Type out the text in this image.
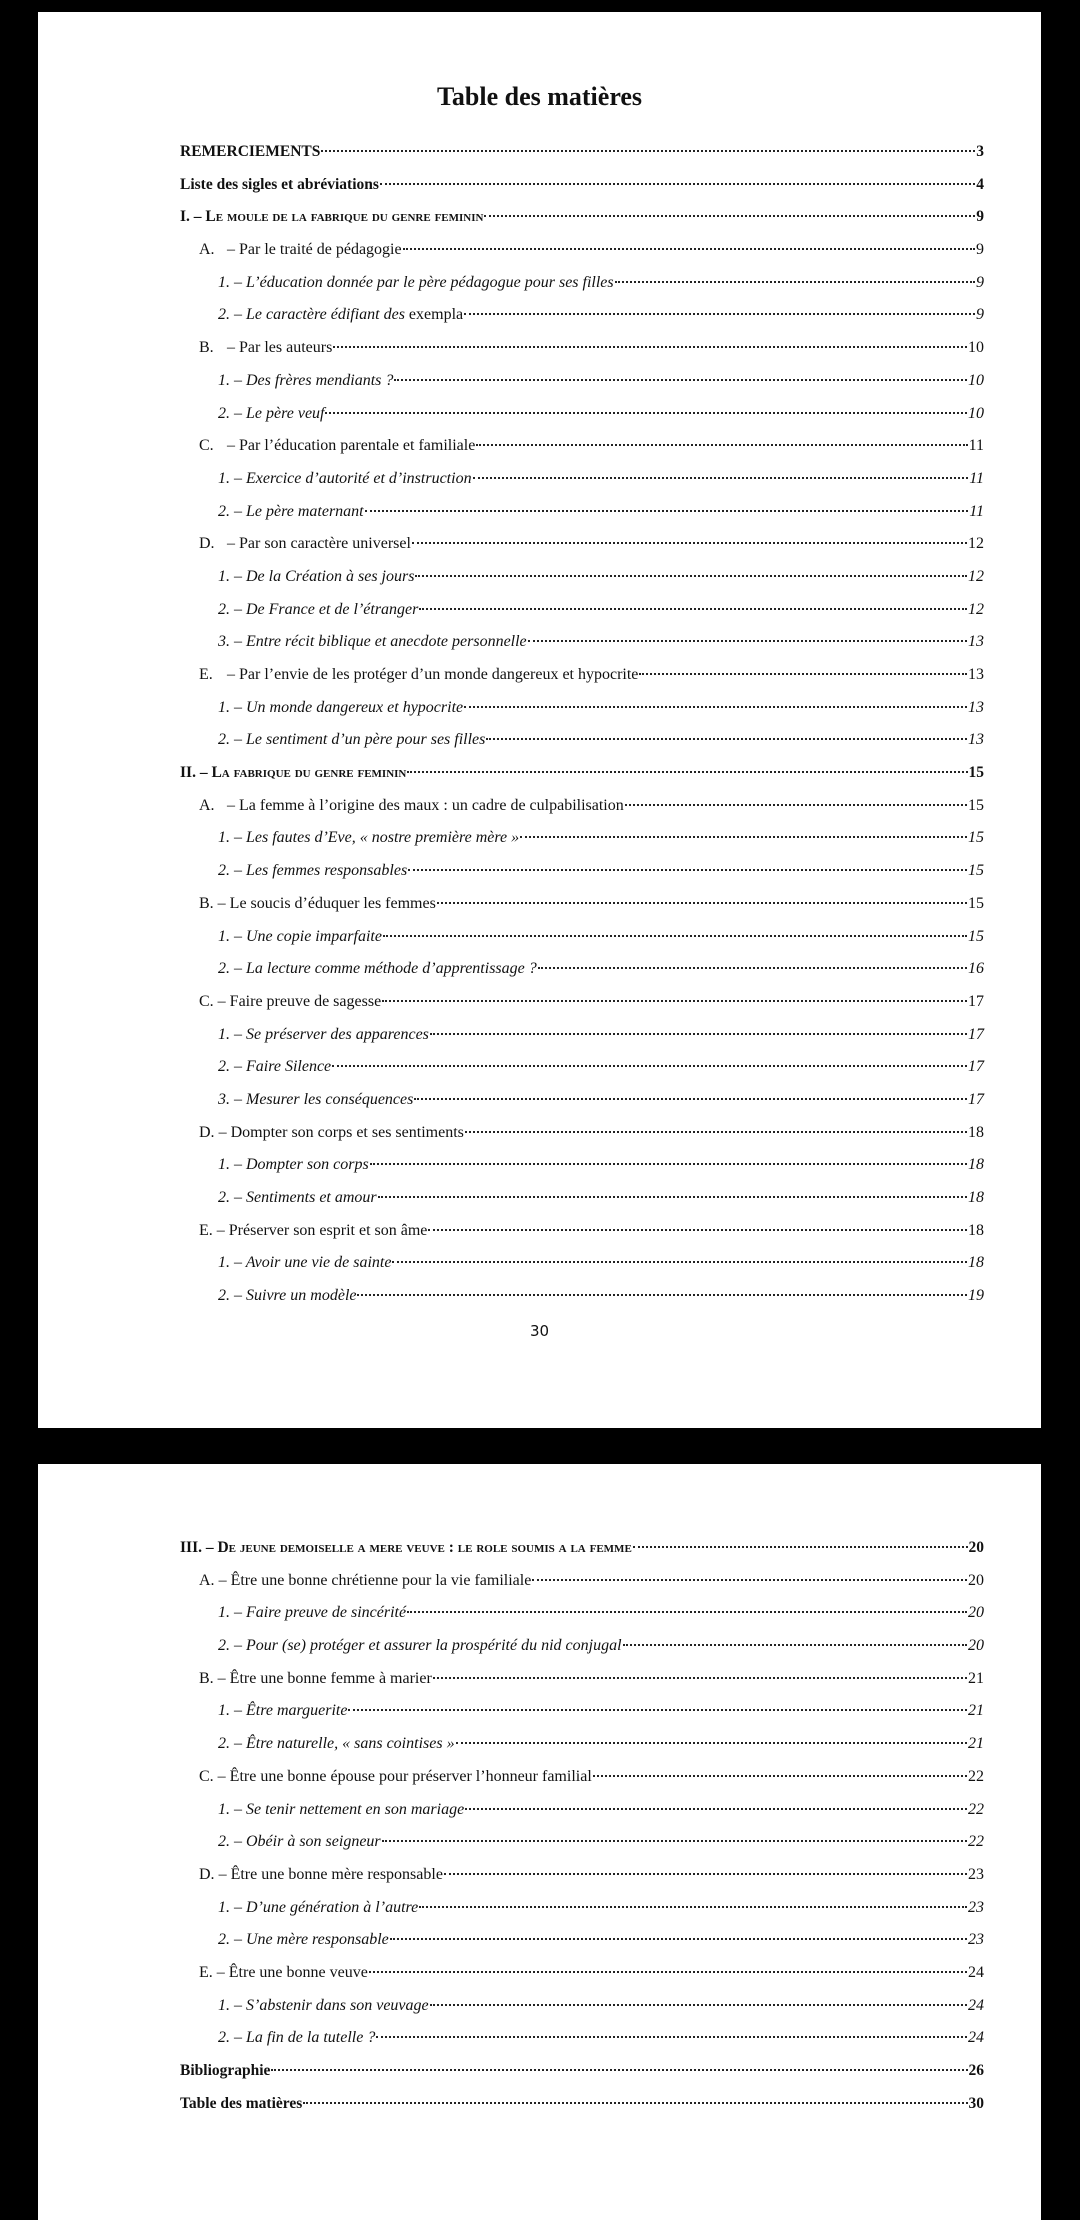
Table des matières
REMERCIEMENTS	3
Liste des sigles et abréviations	4
I. – Le moule de la fabrique du genre feminin	9
A. – Par le traité de pédagogie	9
1. – L’éducation donnée par le père pédagogue pour ses filles	9
2. – Le caractère édifiant des exempla	9
B. – Par les auteurs	10
1. – Des frères mendiants ?	10
2. – Le père veuf	10
C. – Par l’éducation parentale et familiale	11
1. – Exercice d’autorité et d’instruction	11
2. – Le père maternant	11
D. – Par son caractère universel	12
1. – De la Création à ses jours	12
2. – De France et de l’étranger	12
3. – Entre récit biblique et anecdote personnelle	13
E. – Par l’envie de les protéger d’un monde dangereux et hypocrite	13
1. – Un monde dangereux et hypocrite	13
2. – Le sentiment d’un père pour ses filles	13
II. – La fabrique du genre feminin	15
A. – La femme à l’origine des maux : un cadre de culpabilisation	15
1. – Les fautes d’Eve, « nostre première mère »	15
2. – Les femmes responsables	15
B. – Le soucis d’éduquer les femmes	15
1. – Une copie imparfaite	15
2. – La lecture comme méthode d’apprentissage ?	16
C. – Faire preuve de sagesse	17
1. – Se préserver des apparences	17
2. – Faire Silence	17
3. – Mesurer les conséquences	17
D. – Dompter son corps et ses sentiments	18
1. – Dompter son corps	18
2. – Sentiments et amour	18
E. – Préserver son esprit et son âme	18
1. – Avoir une vie de sainte	18
2. – Suivre un modèle	19
30
III. – De jeune demoiselle a mere veuve : le role soumis a la femme	20
A. – Être une bonne chrétienne pour la vie familiale	20
1. – Faire preuve de sincérité	20
2. – Pour (se) protéger et assurer la prospérité du nid conjugal	20
B. – Être une bonne femme à marier	21
1. – Être marguerite	21
2. – Être naturelle, « sans cointises »	21
C. – Être une bonne épouse pour préserver l’honneur familial	22
1. – Se tenir nettement en son mariage	22
2. – Obéir à son seigneur	22
D. – Être une bonne mère responsable	23
1. – D’une génération à l’autre	23
2. – Une mère responsable	23
E. – Être une bonne veuve	24
1. – S’abstenir dans son veuvage	24
2. – La fin de la tutelle ?	24
Bibliographie	26
Table des matières	30
